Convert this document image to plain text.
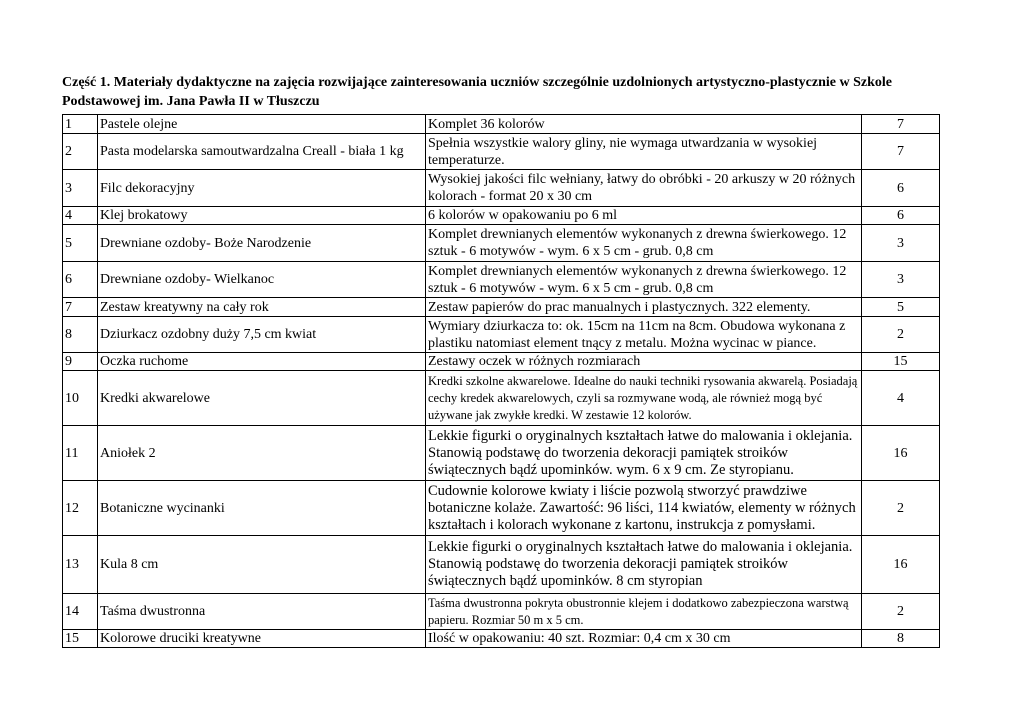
Część 1. Materiały dydaktyczne na zajęcia rozwijające zainteresowania uczniów szczególnie uzdolnionych artystyczno-plastycznie w Szkole Podstawowej im. Jana Pawła II w Tłuszczu
1	Pastele olejne	Komplet 36 kolorów	7
2	Pasta modelarska samoutwardzalna Creall - biała 1 kg	Spełnia wszystkie walory gliny, nie wymaga utwardzania w wysokiej temperaturze.	7
3	Filc dekoracyjny	Wysokiej jakości filc wełniany, łatwy do obróbki - 20 arkuszy w 20 różnych kolorach - format 20 x 30 cm	6
4	Klej brokatowy	6 kolorów w opakowaniu po 6 ml	6
5	Drewniane ozdoby- Boże Narodzenie	Komplet drewnianych elementów wykonanych z drewna świerkowego. 12 sztuk - 6 motywów - wym. 6 x 5 cm - grub. 0,8 cm	3
6	Drewniane ozdoby- Wielkanoc	Komplet drewnianych elementów wykonanych z drewna świerkowego. 12 sztuk - 6 motywów - wym. 6 x 5 cm - grub. 0,8 cm	3
7	Zestaw kreatywny na cały rok	Zestaw papierów do prac manualnych i plastycznych. 322 elementy.	5
8	Dziurkacz ozdobny duży 7,5 cm kwiat	Wymiary dziurkacza to: ok. 15cm na 11cm na 8cm. Obudowa wykonana z plastiku natomiast element tnący z metalu. Można wycinac w piance.	2
9	Oczka ruchome	Zestawy oczek w różnych rozmiarach	15
10	Kredki akwarelowe	Kredki szkolne akwarelowe. Idealne do nauki techniki rysowania akwarelą. Posiadają cechy kredek akwarelowych, czyli sa rozmywane wodą, ale również mogą być używane jak zwykłe kredki. W zestawie 12 kolorów.	4
11	Aniołek 2	Lekkie figurki o oryginalnych kształtach łatwe do malowania i oklejania. Stanowią podstawę do tworzenia dekoracji pamiątek stroików świątecznych bądź upominków. wym. 6 x 9 cm. Ze styropianu.	16
12	Botaniczne wycinanki	Cudownie kolorowe kwiaty i liście pozwolą stworzyć prawdziwe botaniczne kolaże. Zawartość: 96 liści, 114 kwiatów, elementy w różnych kształtach i kolorach wykonane z kartonu, instrukcja z pomysłami.	2
13	Kula 8 cm	Lekkie figurki o oryginalnych kształtach łatwe do malowania i oklejania. Stanowią podstawę do tworzenia dekoracji pamiątek stroików świątecznych bądź upominków. 8 cm styropian	16
14	Taśma dwustronna	Taśma dwustronna pokryta obustronnie klejem i dodatkowo zabezpieczona warstwą papieru. Rozmiar 50 m x 5 cm.	2
15	Kolorowe druciki kreatywne	Ilość w opakowaniu: 40 szt. Rozmiar: 0,4 cm x 30 cm	8
